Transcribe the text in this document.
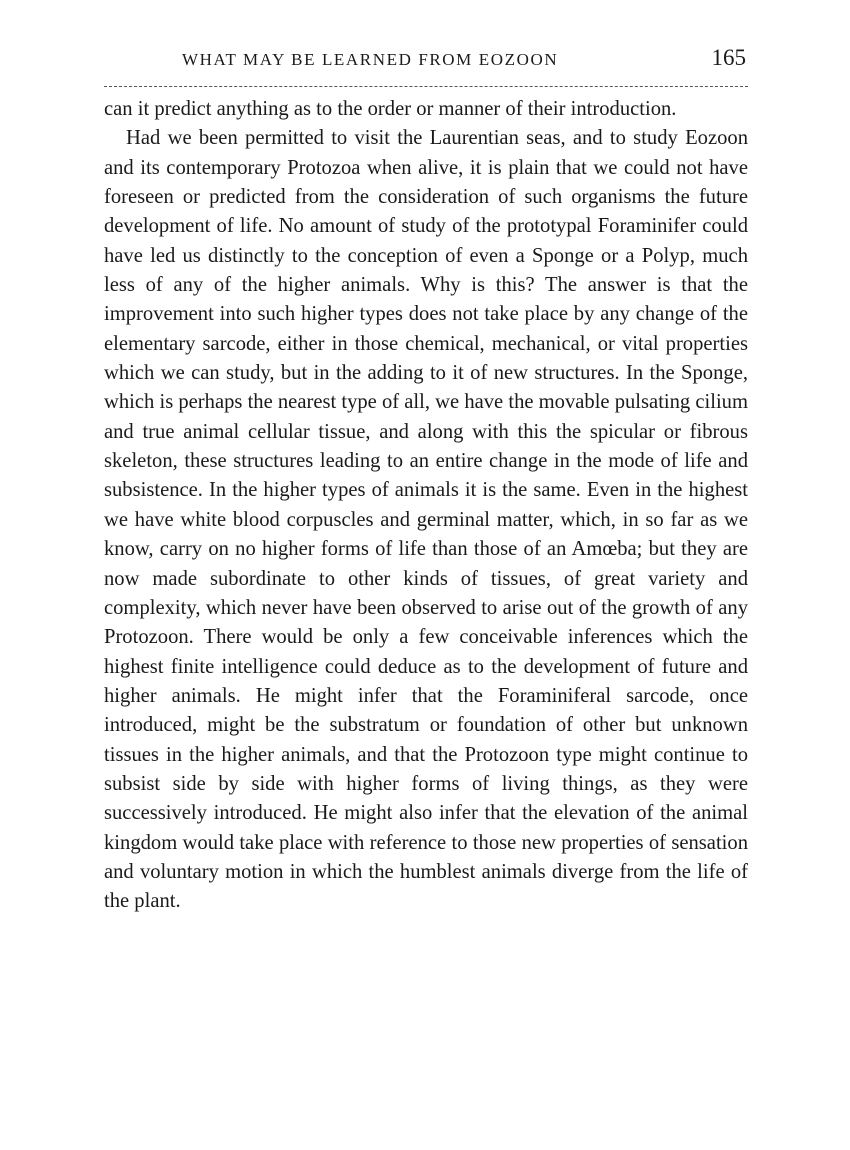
WHAT MAY BE LEARNED FROM EOZOON	165

can it predict anything as to the order or manner of their introduction.

Had we been permitted to visit the Laurentian seas, and to study Eozoon and its contemporary Protozoa when alive, it is plain that we could not have foreseen or predicted from the consideration of such organisms the future development of life. No amount of study of the prototypal Foraminifer could have led us distinctly to the conception of even a Sponge or a Polyp, much less of any of the higher animals. Why is this? The answer is that the improvement into such higher types does not take place by any change of the elementary sarcode, either in those chemical, mechanical, or vital properties which we can study, but in the adding to it of new structures. In the Sponge, which is perhaps the nearest type of all, we have the movable pulsating cilium and true animal cellular tissue, and along with this the spicular or fibrous skeleton, these structures leading to an entire change in the mode of life and subsistence. In the higher types of animals it is the same. Even in the highest we have white blood corpuscles and germinal matter, which, in so far as we know, carry on no higher forms of life than those of an Amœba; but they are now made subordinate to other kinds of tissues, of great variety and complexity, which never have been observed to arise out of the growth of any Protozoon. There would be only a few conceivable inferences which the highest finite intelligence could deduce as to the development of future and higher animals. He might infer that the Foraminiferal sarcode, once introduced, might be the substratum or foundation of other but unknown tissues in the higher animals, and that the Protozoon type might continue to subsist side by side with higher forms of living things, as they were successively introduced. He might also infer that the elevation of the animal kingdom would take place with reference to those new properties of sensation and voluntary motion in which the humblest animals diverge from the life of the plant.
